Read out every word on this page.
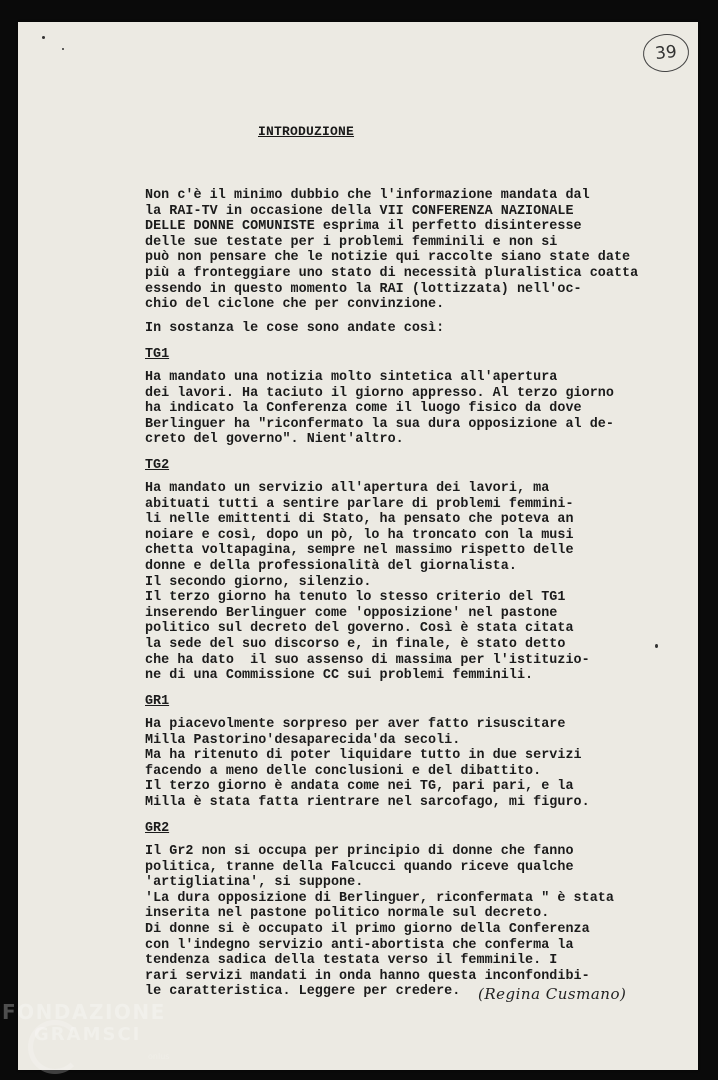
39
INTRODUZIONE
Non c'è il minimo dubbio che l'informazione mandata dal
la RAI-TV in occasione della VII CONFERENZA NAZIONALE
DELLE DONNE COMUNISTE esprima il perfetto disinteresse
delle sue testate per i problemi femminili e non si
può non pensare che le notizie qui raccolte siano state date
più a fronteggiare uno stato di necessità pluralistica coatta
essendo in questo momento la RAI (lottizzata) nell'oc-
chio del ciclone che per convinzione.
In sostanza le cose sono andate così:
TG1
Ha mandato una notizia molto sintetica all'apertura
dei lavori. Ha taciuto il giorno appresso. Al terzo giorno
ha indicato la Conferenza come il luogo fisico da dove
Berlinguer ha "riconfermato la sua dura opposizione al de-
creto del governo". Nient'altro.
TG2
Ha mandato un servizio all'apertura dei lavori, ma
abituati tutti a sentire parlare di problemi femmini-
li nelle emittenti di Stato, ha pensato che poteva an
noiare e così, dopo un pò, lo ha troncato con la musi
chetta voltapagina, sempre nel massimo rispetto delle
donne e della professionalità del giornalista.
Il secondo giorno, silenzio.
Il terzo giorno ha tenuto lo stesso criterio del TG1
inserendo Berlinguer come 'opposizione' nel pastone
politico sul decreto del governo. Così è stata citata
la sede del suo discorso e, in finale, è stato detto
che ha dato  il suo assenso di massima per l'istituzio-
ne di una Commissione CC sui problemi femminili.
GR1
Ha piacevolmente sorpreso per aver fatto risuscitare
Milla Pastorino'desaparecida'da secoli.
Ma ha ritenuto di poter liquidare tutto in due servizi
facendo a meno delle conclusioni e del dibattito.
Il terzo giorno è andata come nei TG, pari pari, e la
Milla è stata fatta rientrare nel sarcofago, mi figuro.
GR2
Il Gr2 non si occupa per principio di donne che fanno
politica, tranne della Falcucci quando riceve qualche
'artigliatina', si suppone.
'La dura opposizione di Berlinguer, riconfermata " è stata
inserita nel pastone politico normale sul decreto.
Di donne si è occupato il primo giorno della Conferenza
con l'indegno servizio anti-abortista che conferma la
tendenza sadica della testata verso il femminile. I
rari servizi mandati in onda hanno questa inconfondibi-
le caratteristica. Leggere per credere.	(Regina Cusmano)
FONDAZIONE
GRAMSCI
onlus
